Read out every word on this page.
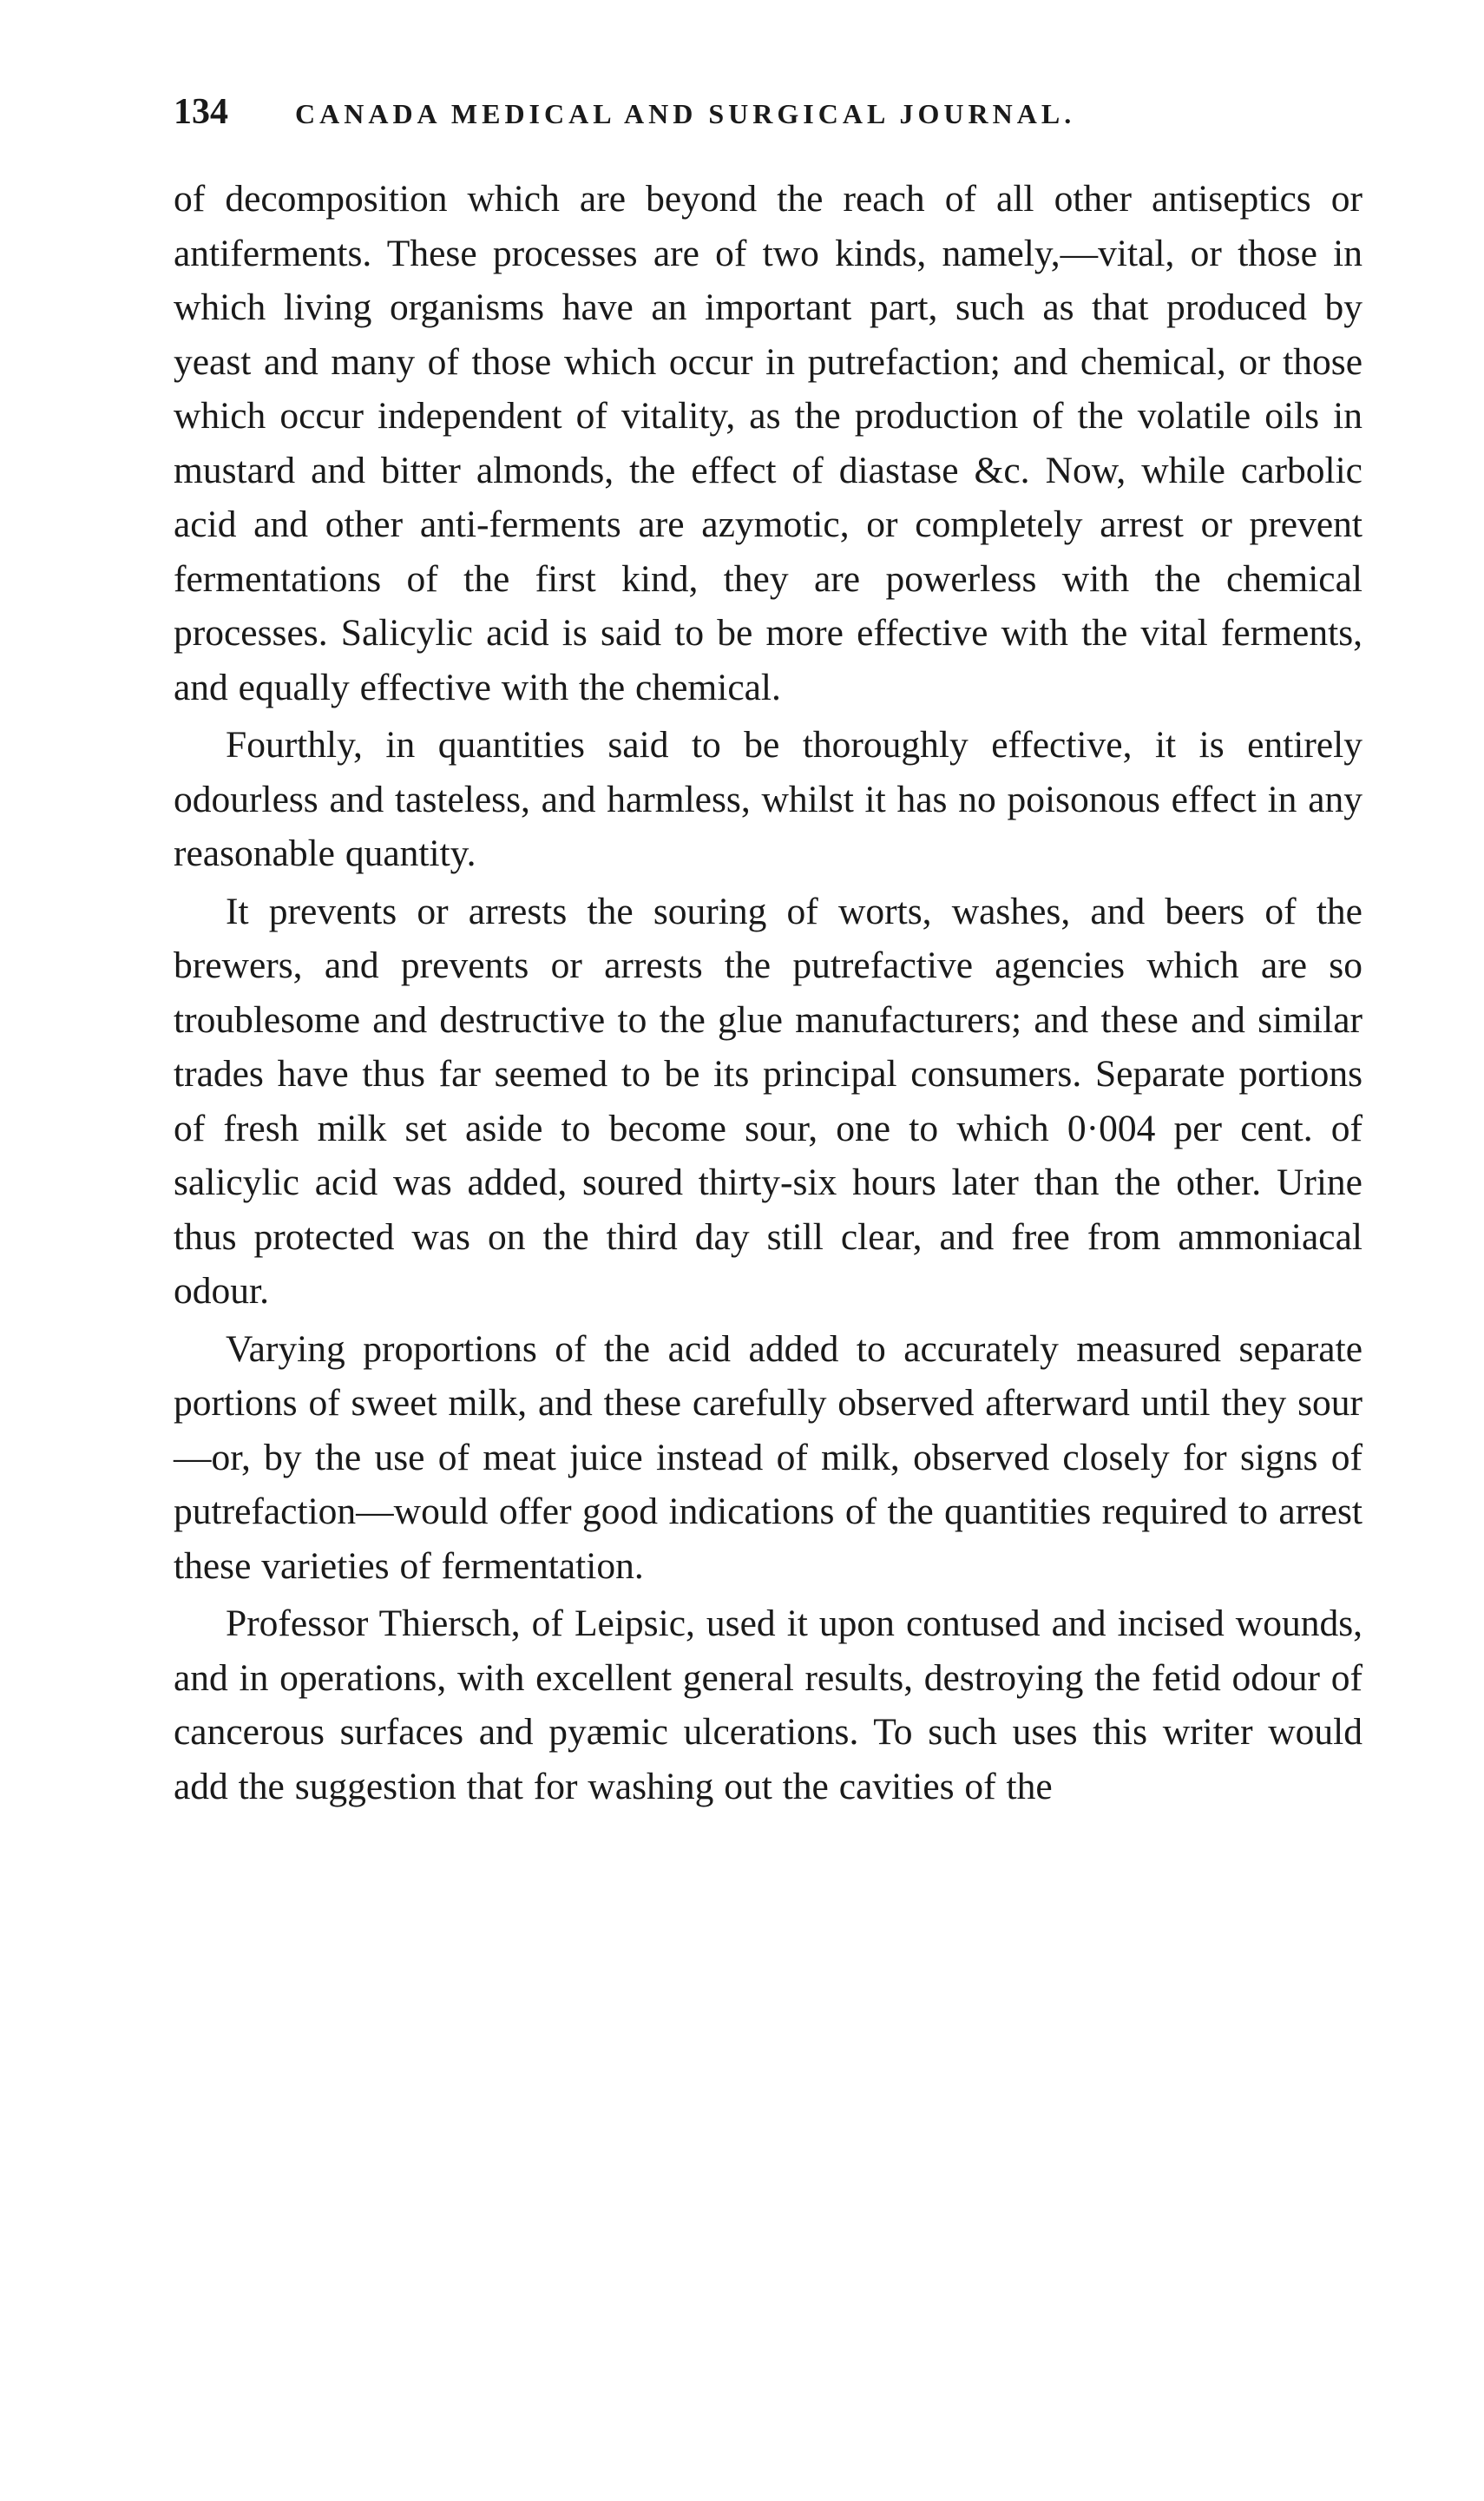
134	CANADA MEDICAL AND SURGICAL JOURNAL.

of decomposition which are beyond the reach of all other antiseptics or antiferments. These processes are of two kinds, namely,—vital, or those in which living organisms have an important part, such as that produced by yeast and many of those which occur in putrefaction; and chemical, or those which occur independent of vitality, as the production of the volatile oils in mustard and bitter almonds, the effect of diastase &c. Now, while carbolic acid and other anti-ferments are azymotic, or completely arrest or prevent fermentations of the first kind, they are powerless with the chemical processes. Salicylic acid is said to be more effective with the vital ferments, and equally effective with the chemical.

Fourthly, in quantities said to be thoroughly effective, it is entirely odourless and tasteless, and harmless, whilst it has no poisonous effect in any reasonable quantity.

It prevents or arrests the souring of worts, washes, and beers of the brewers, and prevents or arrests the putrefactive agencies which are so troublesome and destructive to the glue manufacturers; and these and similar trades have thus far seemed to be its principal consumers. Separate portions of fresh milk set aside to become sour, one to which 0·004 per cent. of salicylic acid was added, soured thirty-six hours later than the other. Urine thus protected was on the third day still clear, and free from ammoniacal odour.

Varying proportions of the acid added to accurately measured separate portions of sweet milk, and these carefully observed afterward until they sour—or, by the use of meat juice instead of milk, observed closely for signs of putrefaction—would offer good indications of the quantities required to arrest these varieties of fermentation.

Professor Thiersch, of Leipsic, used it upon contused and incised wounds, and in operations, with excellent general results, destroying the fetid odour of cancerous surfaces and pyæmic ulcerations. To such uses this writer would add the suggestion that for washing out the cavities of the
